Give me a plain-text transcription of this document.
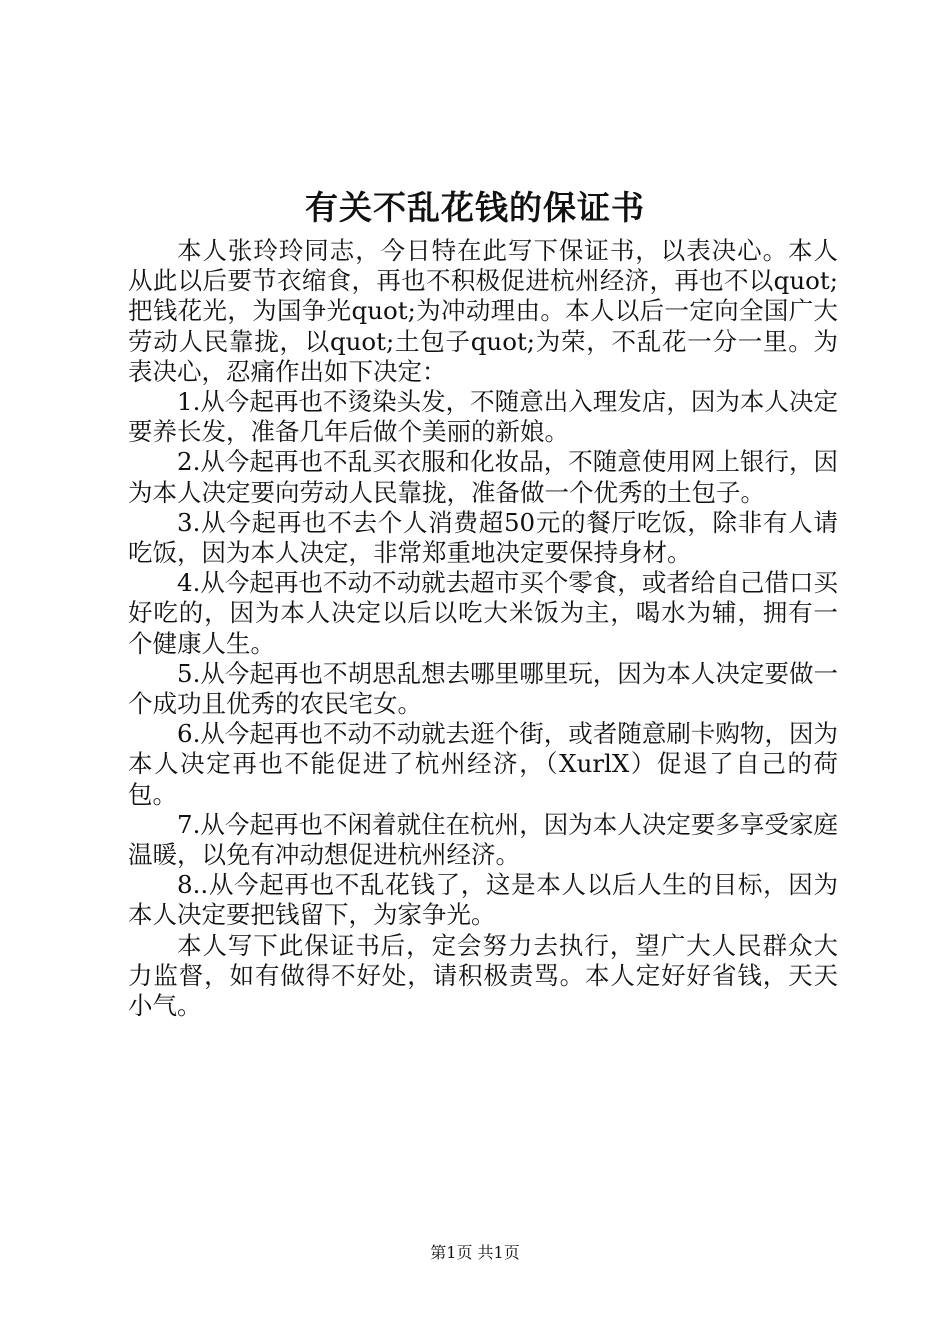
有关不乱花钱的保证书

本人张玲玲同志，今日特在此写下保证书，以表决心。本人从此以后要节衣缩食，再也不积极促进杭州经济，再也不以quot;把钱花光，为国争光quot;为冲动理由。本人以后一定向全国广大劳动人民靠拢，以quot;土包子quot;为荣，不乱花一分一里。为表决心，忍痛作出如下决定：

1.从今起再也不烫染头发，不随意出入理发店，因为本人决定要养长发，准备几年后做个美丽的新娘。

2.从今起再也不乱买衣服和化妆品，不随意使用网上银行，因为本人决定要向劳动人民靠拢，准备做一个优秀的土包子。

3.从今起再也不去个人消费超50元的餐厅吃饭，除非有人请吃饭，因为本人决定，非常郑重地决定要保持身材。

4.从今起再也不动不动就去超市买个零食，或者给自己借口买好吃的，因为本人决定以后以吃大米饭为主，喝水为辅，拥有一个健康人生。

5.从今起再也不胡思乱想去哪里哪里玩，因为本人决定要做一个成功且优秀的农民宅女。

6.从今起再也不动不动就去逛个街，或者随意刷卡购物，因为本人决定再也不能促进了杭州经济，（XurlX）促退了自己的荷包。

7.从今起再也不闲着就住在杭州，因为本人决定要多享受家庭温暖，以免有冲动想促进杭州经济。

8..从今起再也不乱花钱了，这是本人以后人生的目标，因为本人决定要把钱留下，为家争光。

本人写下此保证书后，定会努力去执行，望广大人民群众大力监督，如有做得不好处，请积极责骂。本人定好好省钱，天天小气。

第1页 共1页
